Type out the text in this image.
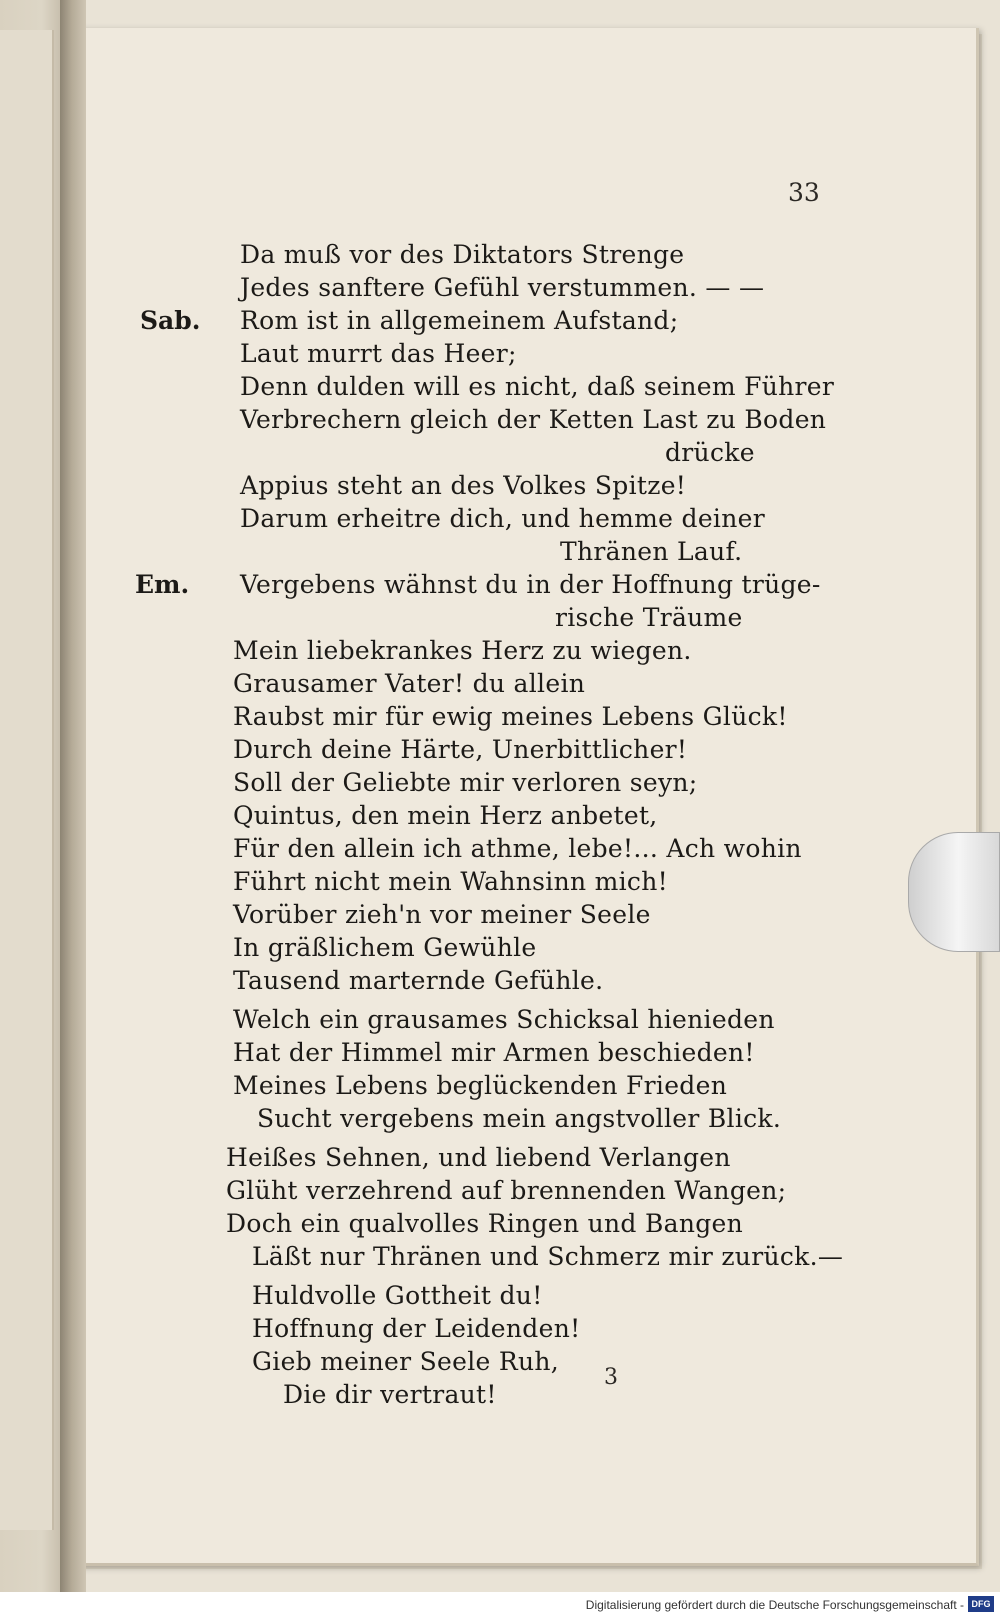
33
Da muß vor des Diktators Strenge
Jedes sanftere Gefühl verstummen. — —
Sab. Rom ist in allgemeinem Aufstand;
Laut murrt das Heer;
Denn dulden will es nicht, daß seinem Führer
Verbrechern gleich der Ketten Last zu Boden
drücke
Appius steht an des Volkes Spitze!
Darum erheitre dich, und hemme deiner
Thränen Lauf.
Em. Vergebens wähnst du in der Hoffnung trüge-
rische Träume
Mein liebekrankes Herz zu wiegen.
Grausamer Vater! du allein
Raubst mir für ewig meines Lebens Glück!
Durch deine Härte, Unerbittlicher!
Soll der Geliebte mir verloren seyn;
Quintus, den mein Herz anbetet,
Für den allein ich athme, lebe!... Ach wohin
Führt nicht mein Wahnsinn mich!
Vorüber zieh'n vor meiner Seele
In gräßlichem Gewühle
Tausend marternde Gefühle.
Welch ein grausames Schicksal hienieden
Hat der Himmel mir Armen beschieden!
Meines Lebens beglückenden Frieden
Sucht vergebens mein angstvoller Blick.
Heißes Sehnen, und liebend Verlangen
Glüht verzehrend auf brennenden Wangen;
Doch ein qualvolles Ringen und Bangen
Läßt nur Thränen und Schmerz mir zurück.—
Huldvolle Gottheit du!
Hoffnung der Leidenden!
Gieb meiner Seele Ruh,
Die dir vertraut!
3
Digitalisierung gefördert durch die Deutsche Forschungsgemeinschaft - DFG
